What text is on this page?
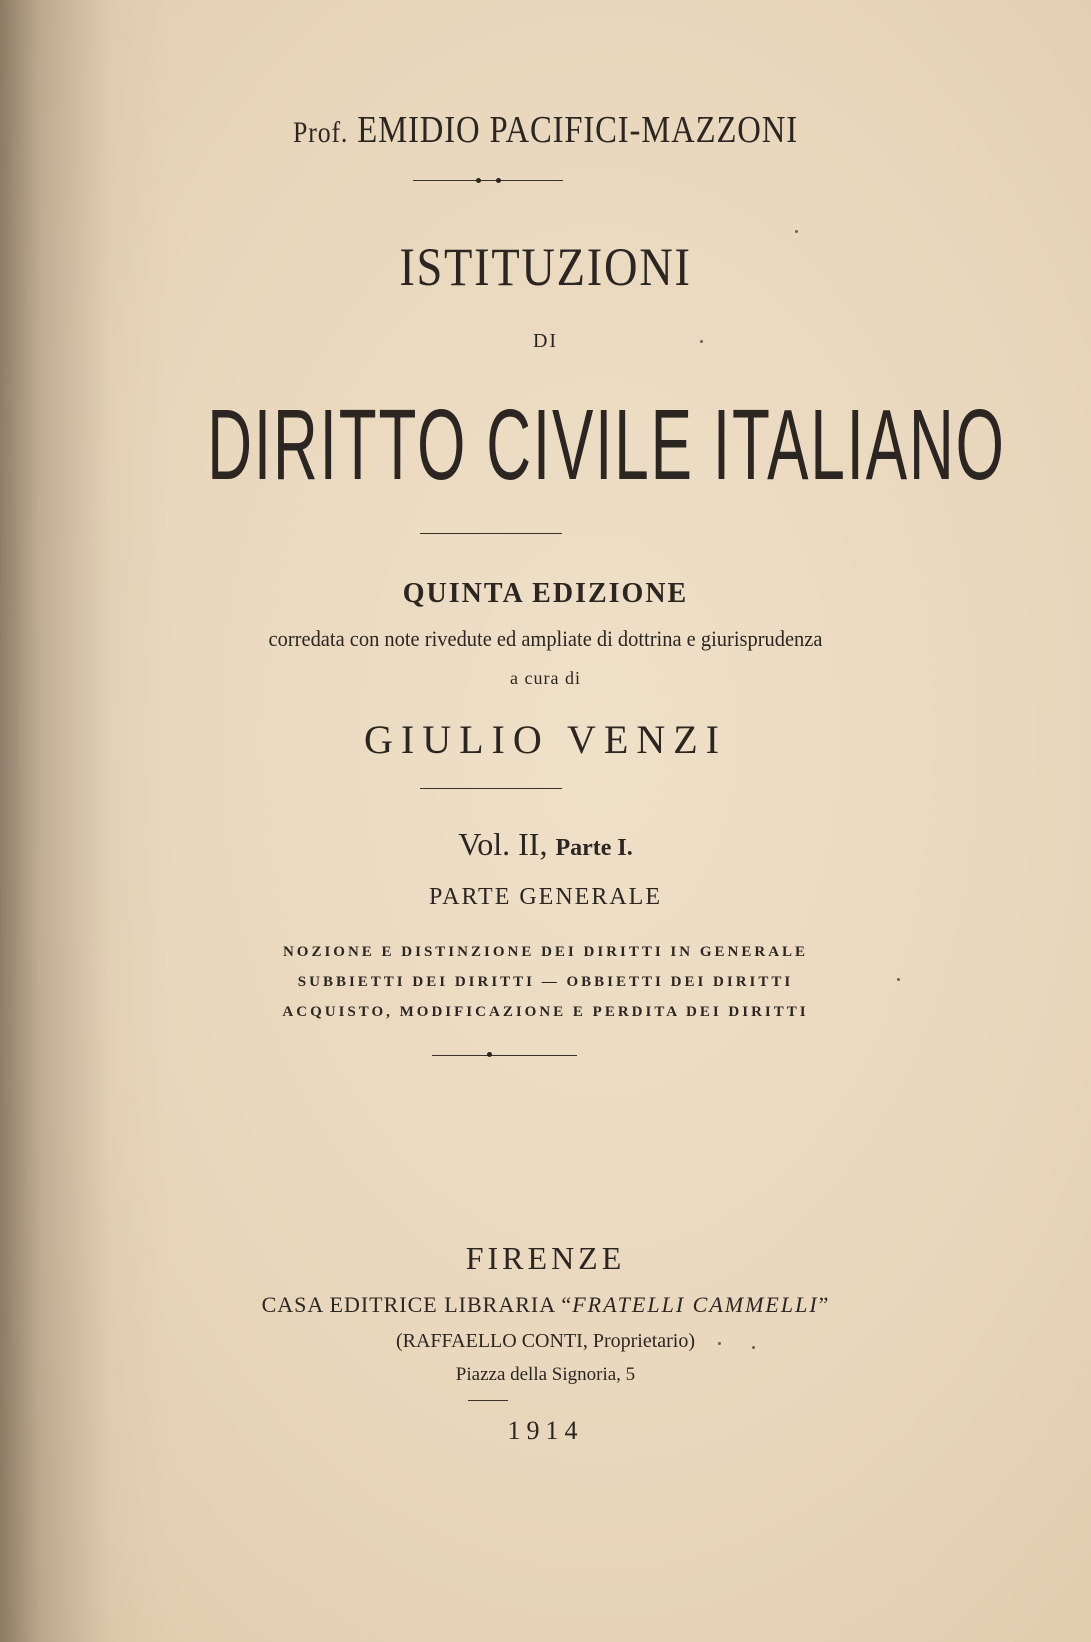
Prof. EMIDIO PACIFICI-MAZZONI
ISTITUZIONI
DI
DIRITTO CIVILE ITALIANO
QUINTA EDIZIONE
corredata con note rivedute ed ampliate di dottrina e giurisprudenza
a cura di
GIULIO VENZI
Vol. II, Parte I.
PARTE GENERALE
NOZIONE E DISTINZIONE DEI DIRITTI IN GENERALE
SUBBIETTI DEI DIRITTI — OBBIETTI DEI DIRITTI
ACQUISTO, MODIFICAZIONE E PERDITA DEI DIRITTI
FIRENZE
CASA EDITRICE LIBRARIA “FRATELLI CAMMELLI”
(RAFFAELLO CONTI, Proprietario)
Piazza della Signoria, 5
1914
